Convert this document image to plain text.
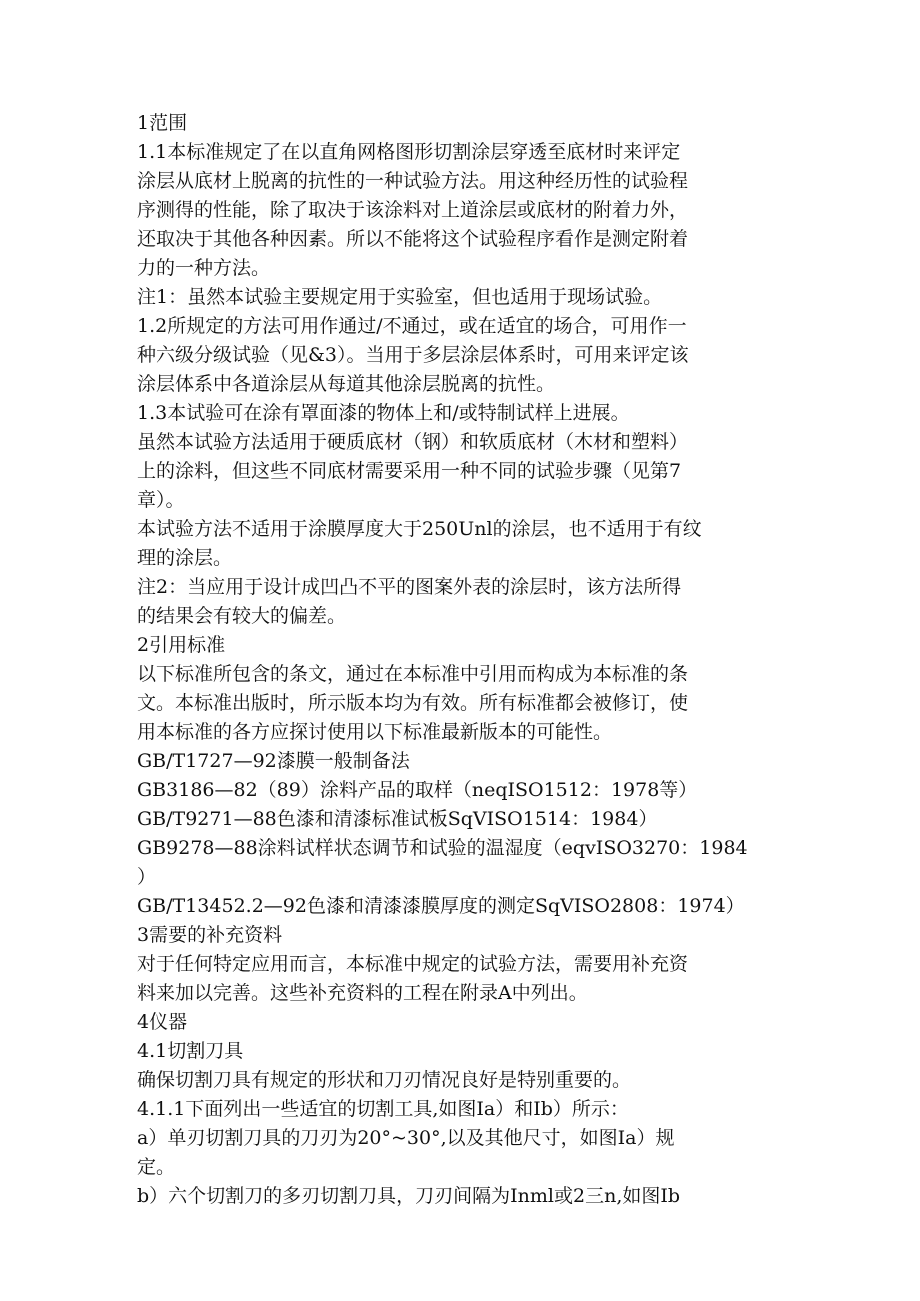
1范围
1.1本标准规定了在以直角网格图形切割涂层穿透至底材时来评定
涂层从底材上脱离的抗性的一种试验方法。用这种经历性的试验程
序测得的性能，除了取决于该涂料对上道涂层或底材的附着力外，
还取决于其他各种因素。所以不能将这个试验程序看作是测定附着
力的一种方法。
注1：虽然本试验主要规定用于实验室，但也适用于现场试验。
1.2所规定的方法可用作通过/不通过，或在适宜的场合，可用作一
种六级分级试验（见&3）。当用于多层涂层体系时，可用来评定该
涂层体系中各道涂层从每道其他涂层脱离的抗性。
1.3本试验可在涂有罩面漆的物体上和/或特制试样上进展。
虽然本试验方法适用于硬质底材（钢）和软质底材（木材和塑料）
上的涂料，但这些不同底材需要采用一种不同的试验步骤（见第7
章）。
本试验方法不适用于涂膜厚度大于250Unl的涂层，也不适用于有纹
理的涂层。
注2：当应用于设计成凹凸不平的图案外表的涂层时，该方法所得
的结果会有较大的偏差。
2引用标准
以下标准所包含的条文，通过在本标准中引用而构成为本标准的条
文。本标准出版时，所示版本均为有效。所有标准都会被修订，使
用本标准的各方应探讨使用以下标准最新版本的可能性。
GB/T1727—92漆膜一般制备法
GB3186—82（89）涂料产品的取样（neqISO1512：1978等）
GB/T9271—88色漆和清漆标准试板SqVISO1514：1984）
GB9278—88涂料试样状态调节和试验的温湿度（eqvISO3270：1984
）
GB/T13452.2—92色漆和清漆漆膜厚度的测定SqVISO2808：1974）
3需要的补充资料
对于任何特定应用而言，本标准中规定的试验方法，需要用补充资
料来加以完善。这些补充资料的工程在附录A中列出。
4仪器
4.1切割刀具
确保切割刀具有规定的形状和刀刃情况良好是特别重要的。
4.1.1下面列出一些适宜的切割工具,如图Ia）和Ib）所示：
a）单刃切割刀具的刀刃为20°~30°,以及其他尺寸，如图Ia）规
定。
b）六个切割刀的多刃切割刀具，刀刃间隔为Inml或2三n,如图Ib
